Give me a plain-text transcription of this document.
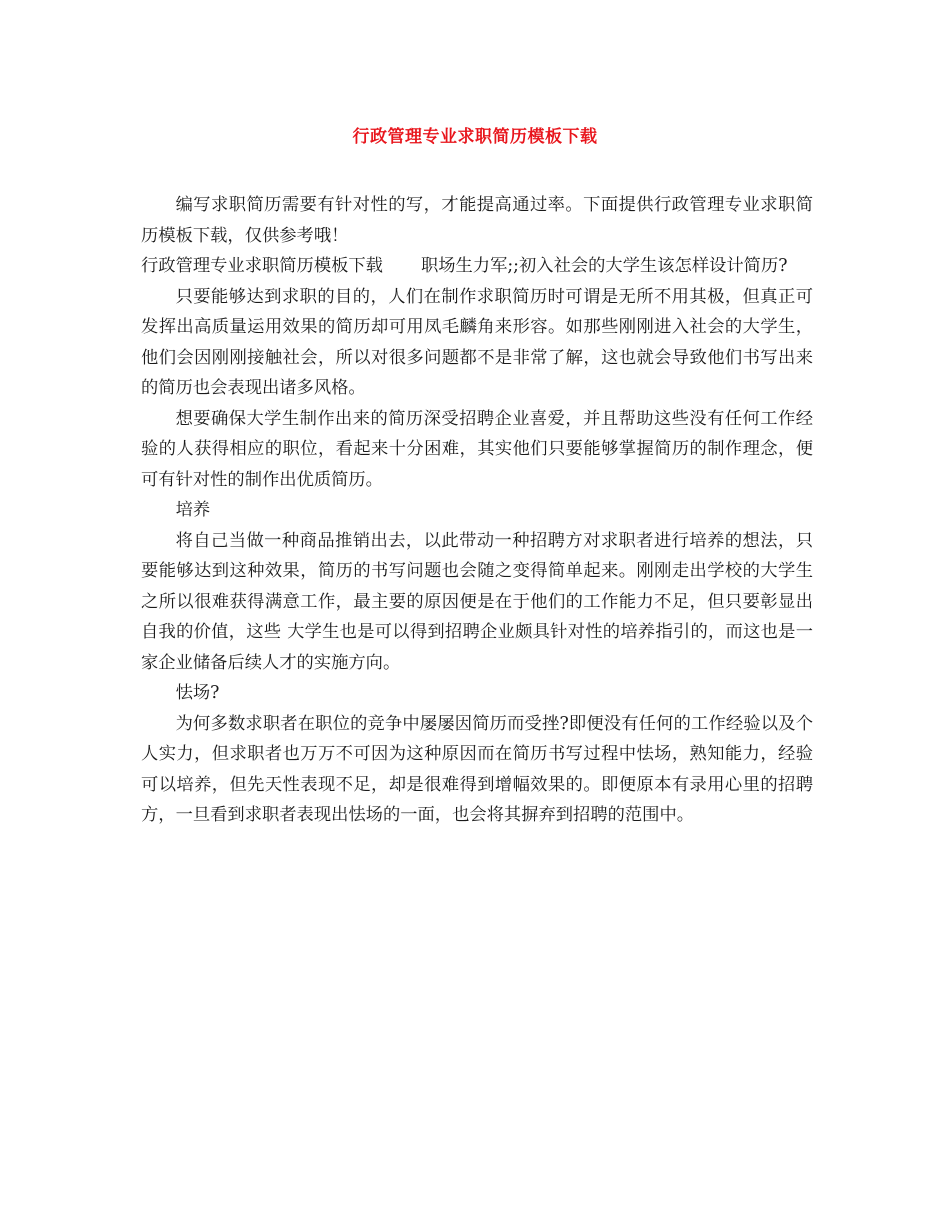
行政管理专业求职简历模板下载

编写求职简历需要有针对性的写，才能提高通过率。下面提供行政管理专业求职简历模板下载，仅供参考哦！

行政管理专业求职简历模板下载 职场生力军;;初入社会的大学生该怎样设计简历?

只要能够达到求职的目的，人们在制作求职简历时可谓是无所不用其极，但真正可发挥出高质量运用效果的简历却可用凤毛麟角来形容。如那些刚刚进入社会的大学生，他们会因刚刚接触社会，所以对很多问题都不是非常了解，这也就会导致他们书写出来的简历也会表现出诸多风格。

想要确保大学生制作出来的简历深受招聘企业喜爱，并且帮助这些没有任何工作经验的人获得相应的职位，看起来十分困难，其实他们只要能够掌握简历的制作理念，便可有针对性的制作出优质简历。

培养

将自己当做一种商品推销出去，以此带动一种招聘方对求职者进行培养的想法，只要能够达到这种效果，简历的书写问题也会随之变得简单起来。刚刚走出学校的大学生之所以很难获得满意工作，最主要的原因便是在于他们的工作能力不足，但只要彰显出自我的价值，这些 大学生也是可以得到招聘企业颇具针对性的培养指引的，而这也是一家企业储备后续人才的实施方向。

怯场?

为何多数求职者在职位的竞争中屡屡因简历而受挫?即便没有任何的工作经验以及个人实力，但求职者也万万不可因为这种原因而在简历书写过程中怯场，熟知能力，经验可以培养，但先天性表现不足，却是很难得到增幅效果的。即便原本有录用心里的招聘方，一旦看到求职者表现出怯场的一面，也会将其摒弃到招聘的范围中。
